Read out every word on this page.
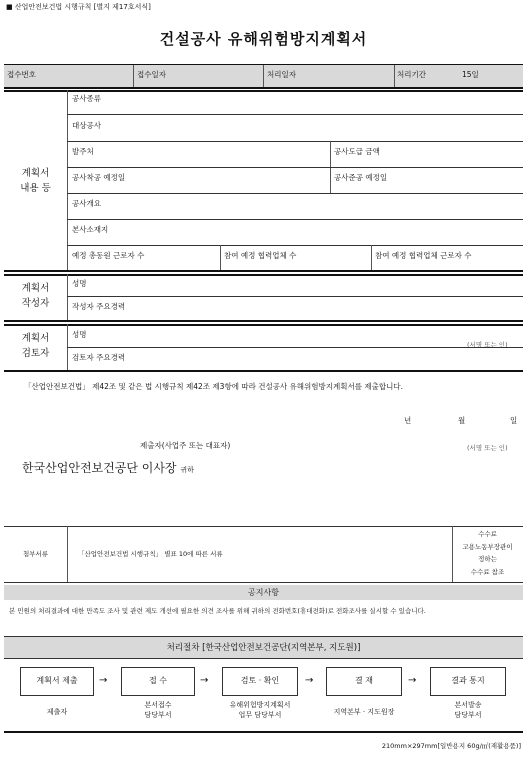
■ 산업안전보건법 시행규칙 [별지 제17호서식]
건설공사 유해위험방지계획서
접수번호	접수일자	처리일자	처리기간	15일
계획서
내용 등
공사종류
대상공사
발주처	공사도급 금액
공사착공 예정일	공사준공 예정일
공사개요
본사소재지
예정 총동원 근로자 수	참여 예정 협력업체 수	참여 예정 협력업체 근로자 수
계획서
작성자
성명
작성자 주요경력
계획서
검토자
성명
(서명 또는 인)
검토자 주요경력
「산업안전보건법」 제42조 및 같은 법 시행규칙 제42조 제3항에 따라 건설공사 유해위험방지계획서를 제출합니다.
년	월	일
제출자(사업주 또는 대표자)	(서명 또는 인)
한국산업안전보건공단 이사장 귀하
첨부서류	「산업안전보건법 시행규칙」 별표 10에 따른 서류
수수료
고용노동부장관이
정하는
수수료 참조
공지사항
본 민원의 처리결과에 대한 만족도 조사 및 관련 제도 개선에 필요한 의견 조사를 위해 귀하의 전화번호(휴대전화)로 전화조사를 실시할 수 있습니다.
처리절차 [한국산업안전보건공단(지역본부, 지도원)]
계획서 제출	→	접 수	→	검토 · 확인	→	결 재	→	결과 통지
제출자
본서접수
담당부서
유해위험방지계획서
업무 담당부서	지역본부 · 지도원장
본서발송
담당부서
210mm×297mm[일반용지 60g/㎡(재활용품)]
